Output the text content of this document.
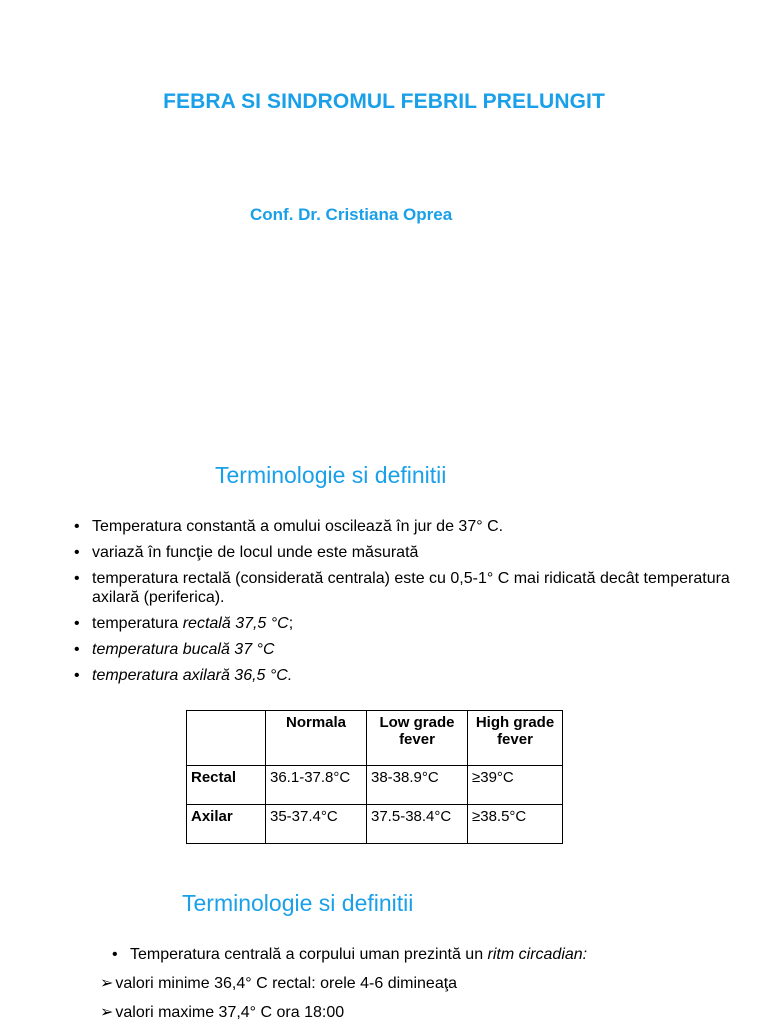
FEBRA SI SINDROMUL FEBRIL PRELUNGIT
Conf. Dr. Cristiana Oprea
Terminologie si definitii
• Temperatura constantă a omului oscilează în jur de 37° C.
• variază în funcţie de locul unde este măsurată
• temperatura rectală (considerată centrala) este cu 0,5-1° C mai ridicată decât temperatura axilară (periferica).
• temperatura rectală 37,5 °C;
• temperatura bucală 37 °C
• temperatura axilară 36,5 °C.
	Normala	Low grade fever	High grade fever
Rectal	36.1-37.8°C	38-38.9°C	≥39°C
Axilar	35-37.4°C	37.5-38.4°C	≥38.5°C
Terminologie si definitii
• Temperatura centrală a corpului uman prezintă un ritm circadian:
➢ valori minime 36,4° C rectal: orele 4-6 dimineaţa
➢ valori maxime 37,4° C ora 18:00
